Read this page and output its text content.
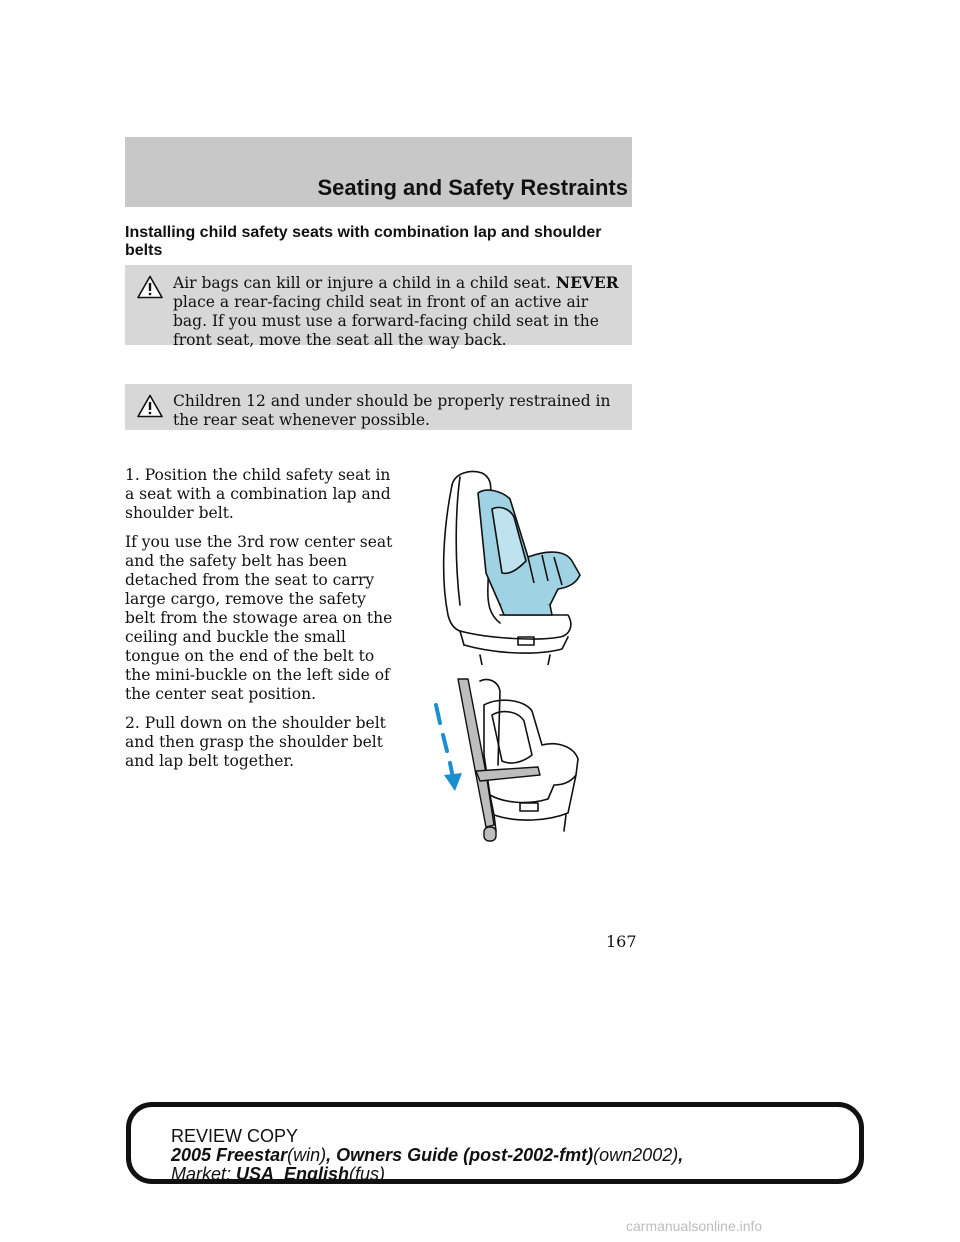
Seating and Safety Restraints
Installing child safety seats with combination lap and shoulder belts
Air bags can kill or injure a child in a child seat. NEVER place a rear-facing child seat in front of an active air bag. If you must use a forward-facing child seat in the front seat, move the seat all the way back.
Children 12 and under should be properly restrained in the rear seat whenever possible.

1. Position the child safety seat in a seat with a combination lap and shoulder belt.

If you use the 3rd row center seat and the safety belt has been detached from the seat to carry large cargo, remove the safety belt from the stowage area on the ceiling and buckle the small tongue on the end of the belt to the mini-buckle on the left side of the center seat position.

2. Pull down on the shoulder belt and then grasp the shoulder belt and lap belt together.

167
REVIEW COPY
2005 Freestar(win), Owners Guide (post-2002-fmt)(own2002),
Market: USA_English(fus)
carmanualsonline.info
